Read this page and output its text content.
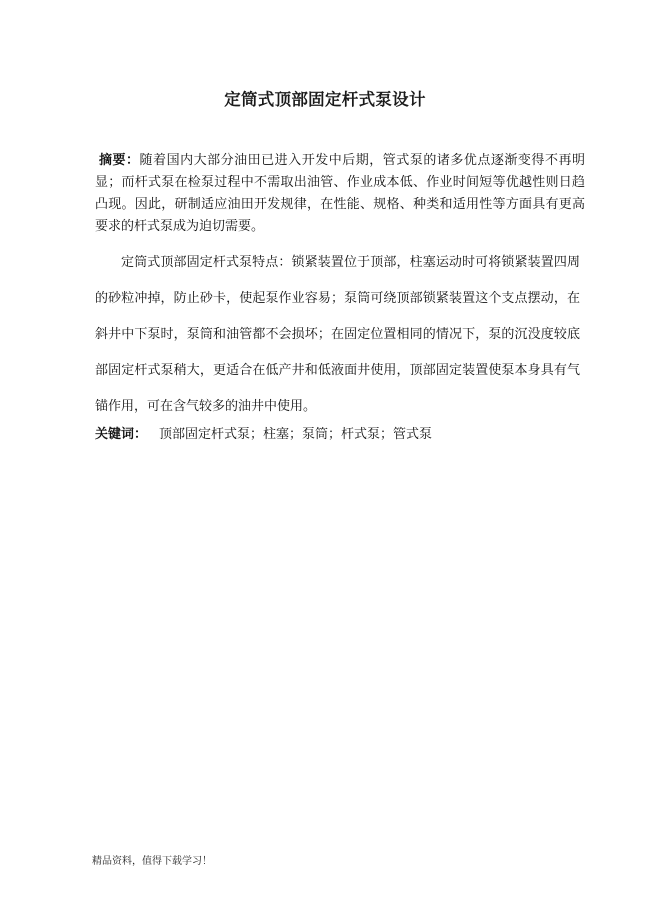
定筒式顶部固定杆式泵设计

摘要：随着国内大部分油田已进入开发中后期，管式泵的诸多优点逐渐变得不再明显；而杆式泵在检泵过程中不需取出油管、作业成本低、作业时间短等优越性则日趋凸现。因此，研制适应油田开发规律，在性能、规格、种类和适用性等方面具有更高要求的杆式泵成为迫切需要。

定筒式顶部固定杆式泵特点：锁紧装置位于顶部，柱塞运动时可将锁紧装置四周的砂粒冲掉，防止砂卡，使起泵作业容易；泵筒可绕顶部锁紧装置这个支点摆动，在斜井中下泵时，泵筒和油管都不会损坏；在固定位置相同的情况下，泵的沉没度较底部固定杆式泵稍大，更适合在低产井和低液面井使用，顶部固定装置使泵本身具有气锚作用，可在含气较多的油井中使用。

关键词： 顶部固定杆式泵；柱塞；泵筒；杆式泵；管式泵

精品资料，值得下载学习！
